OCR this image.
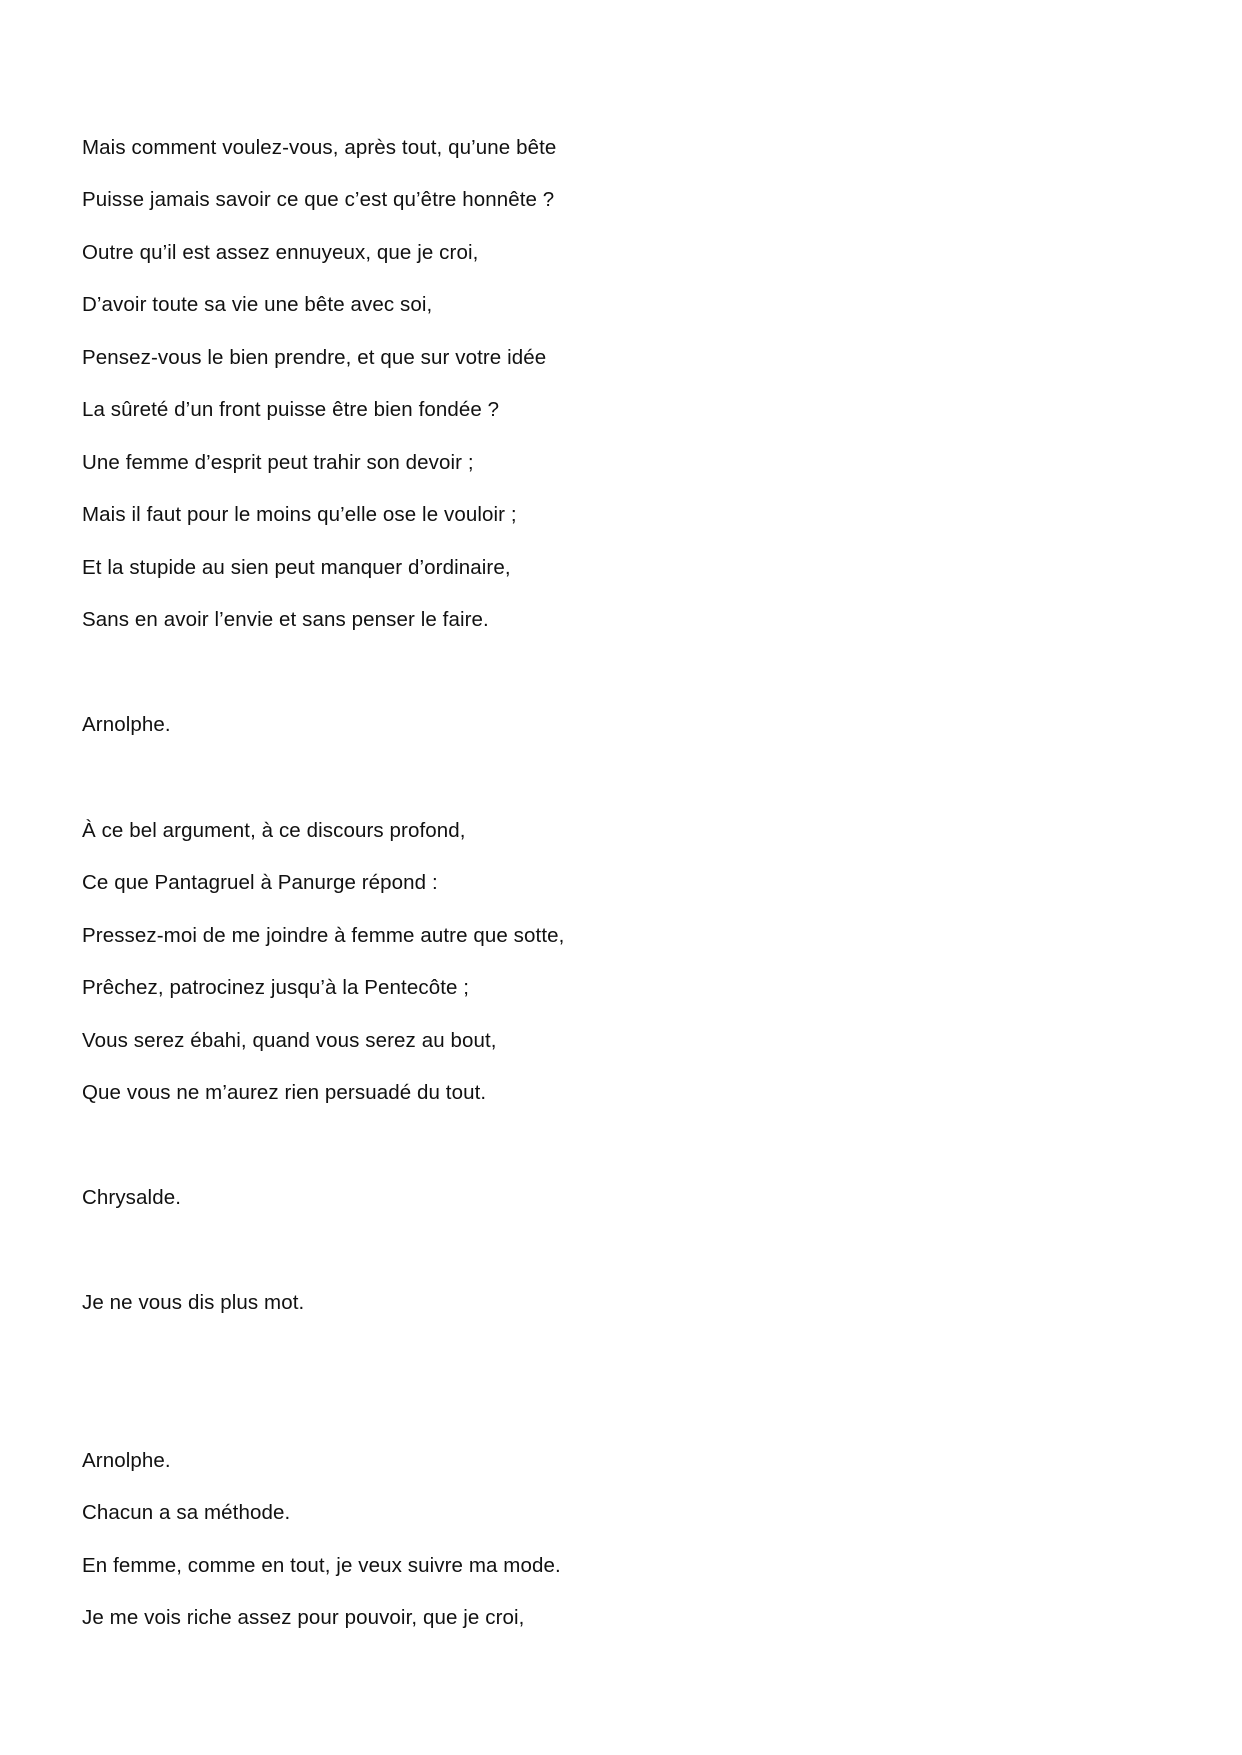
Mais comment voulez-vous, après tout, qu’une bête
Puisse jamais savoir ce que c’est qu’être honnête ?
Outre qu’il est assez ennuyeux, que je croi,
D’avoir toute sa vie une bête avec soi,
Pensez-vous le bien prendre, et que sur votre idée
La sûreté d’un front puisse être bien fondée ?
Une femme d’esprit peut trahir son devoir ;
Mais il faut pour le moins qu’elle ose le vouloir ;
Et la stupide au sien peut manquer d’ordinaire,
Sans en avoir l’envie et sans penser le faire.
Arnolphe.
À ce bel argument, à ce discours profond,
Ce que Pantagruel à Panurge répond :
Pressez-moi de me joindre à femme autre que sotte,
Prêchez, patrocinez jusqu’à la Pentecôte ;
Vous serez ébahi, quand vous serez au bout,
Que vous ne m’aurez rien persuadé du tout.
Chrysalde.
Je ne vous dis plus mot.
Arnolphe.
Chacun a sa méthode.
En femme, comme en tout, je veux suivre ma mode.
Je me vois riche assez pour pouvoir, que je croi,
